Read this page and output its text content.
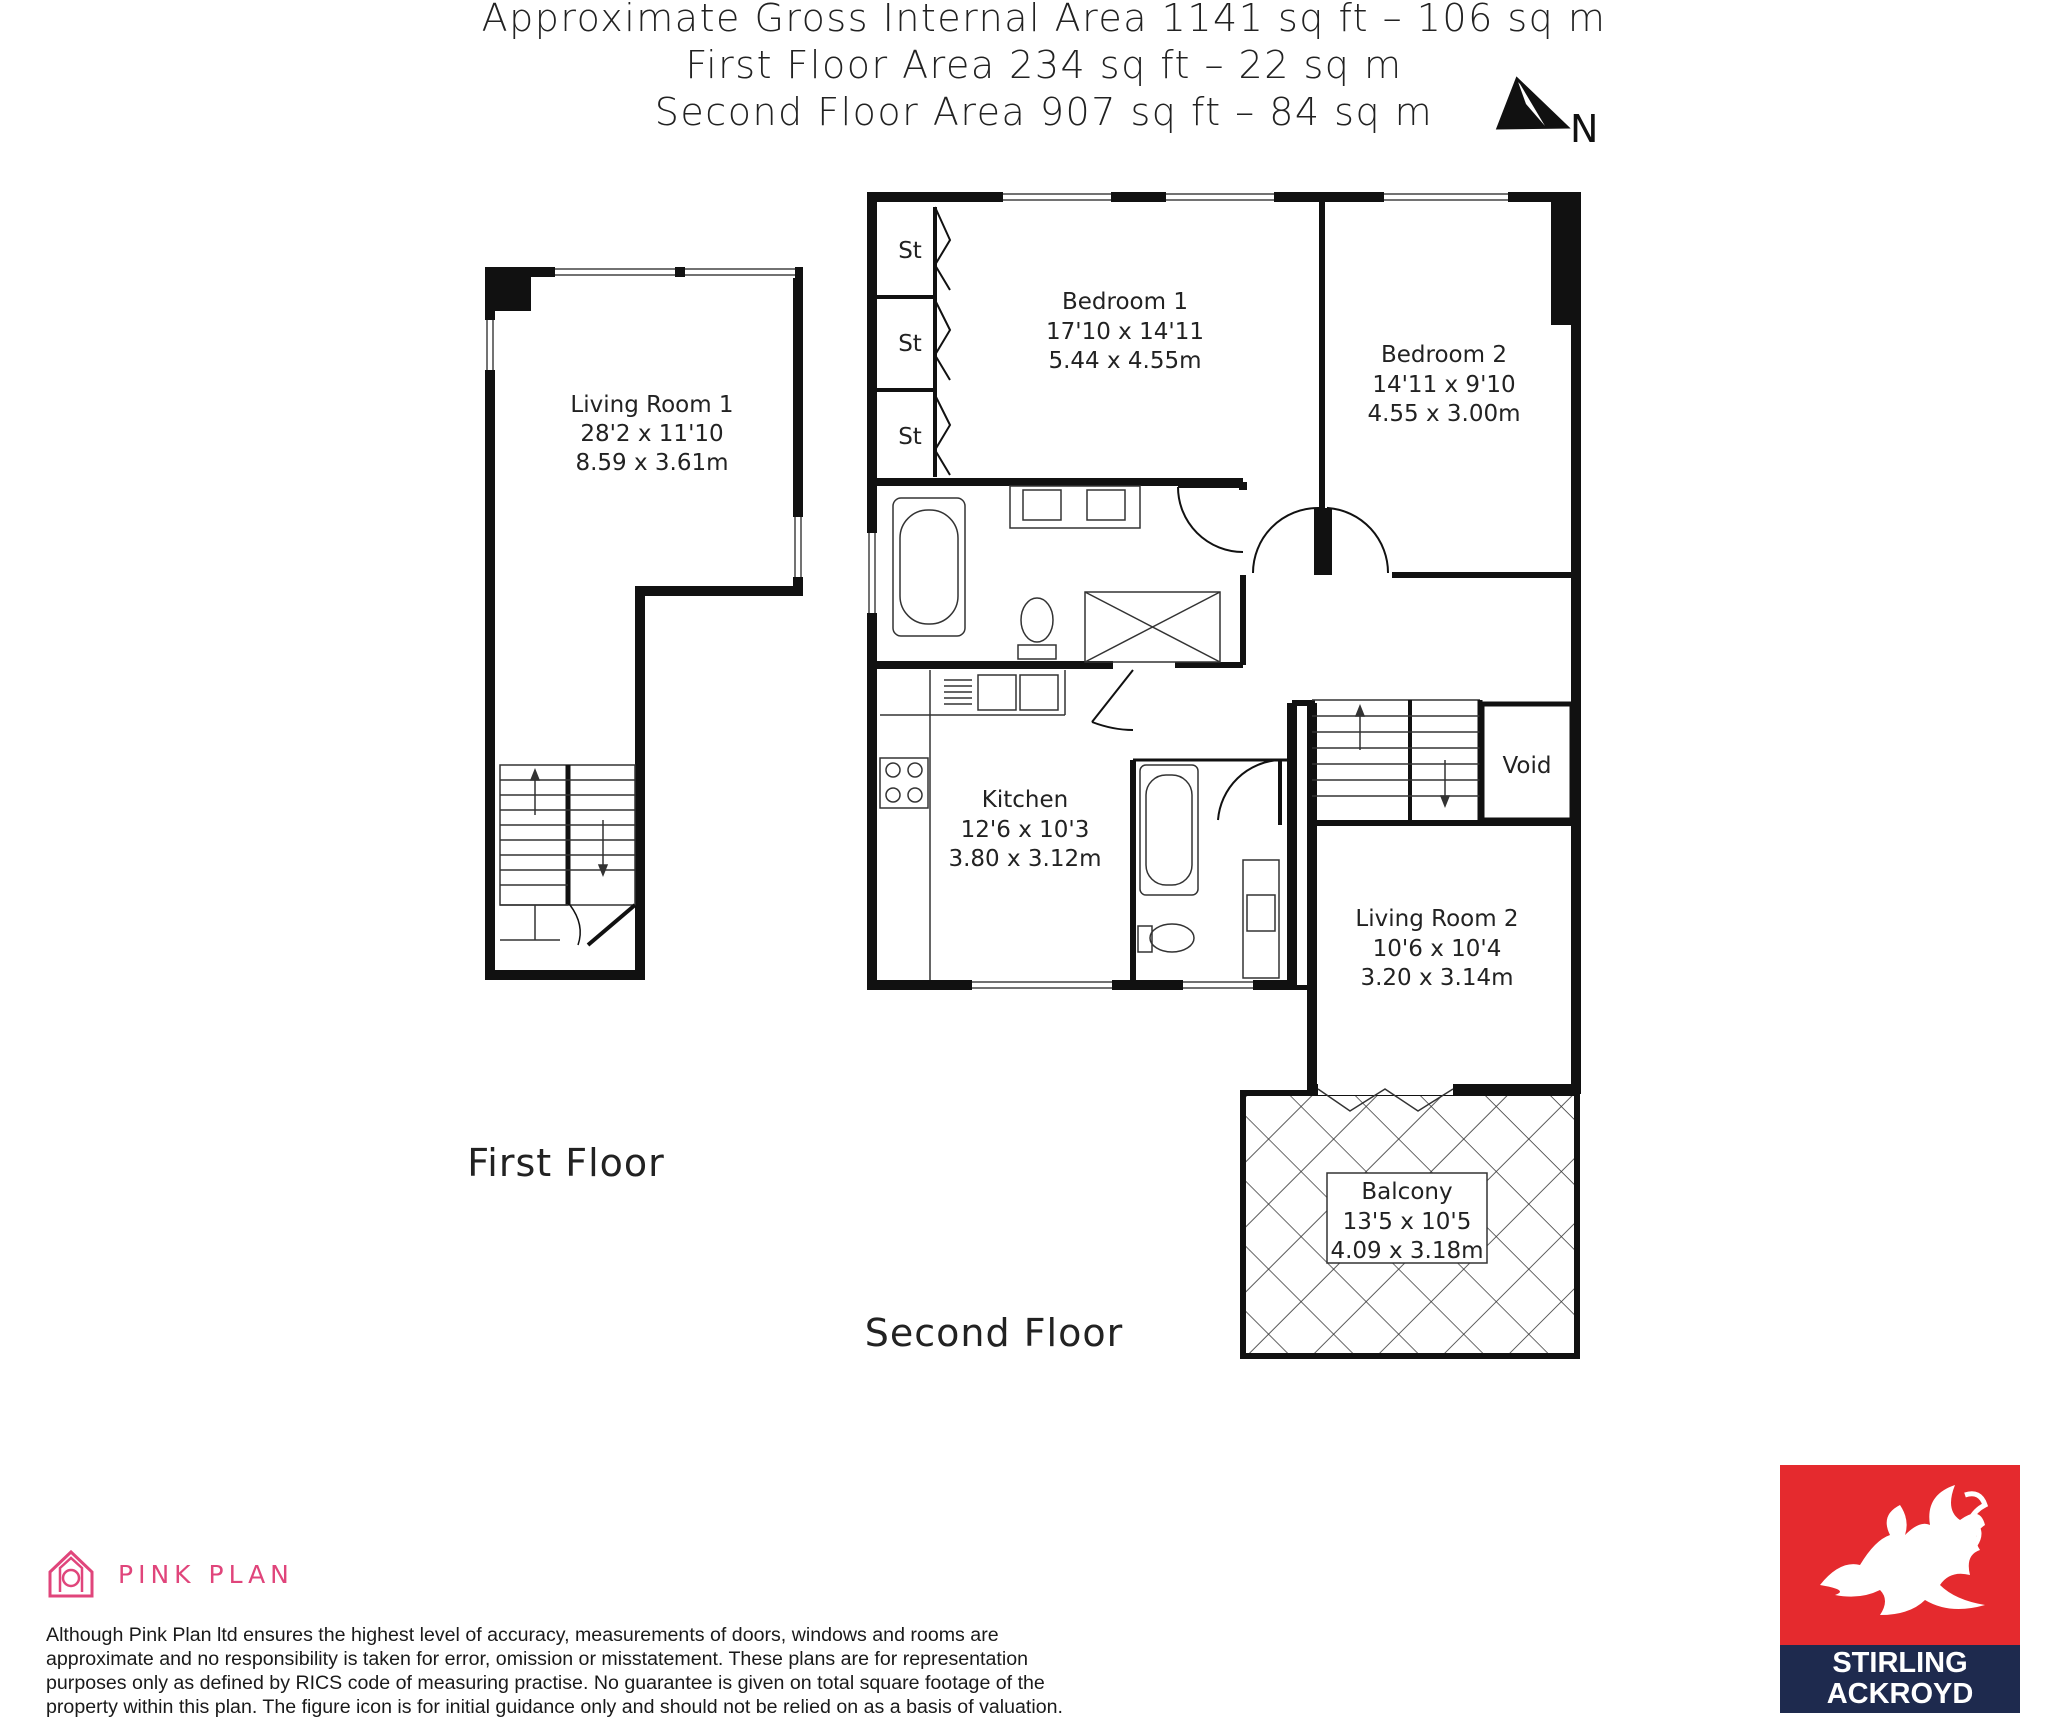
Approximate Gross Internal Area 1141 sq ft – 106 sq m
First Floor Area 234 sq ft – 22 sq m
Second Floor Area 907 sq ft – 84 sq m	N
Living Room 1
28'2 x 11'10
8.59 x 3.61m
First Floor
Bedroom 1
17'10 x 14'11
5.44 x 4.55m	Bedroom 2
14'11 x 9'10
4.55 x 3.00m
Kitchen
12'6 x 10'3
3.80 x 3.12m
Living Room 2
10'6 x 10'4
3.20 x 3.14m
Balcony
13'5 x 10'5
4.09 x 3.18m
St
St
St
Void
Second Floor
PINK PLAN
Although Pink Plan ltd ensures the highest level of accuracy, measurements of doors, windows and rooms are
approximate and no responsibility is taken for error, omission or misstatement. These plans are for representation
purposes only as defined by RICS code of measuring practise. No guarantee is given on total square footage of the
property within this plan. The figure icon is for initial guidance only and should not be relied on as a basis of valuation.
STIRLING
ACKROYD
